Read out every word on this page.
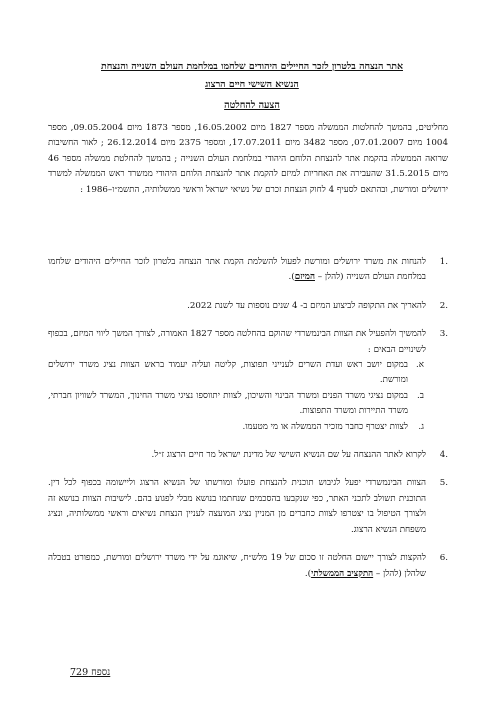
אתר הנצחה בלטרון לזכר החיילים היהודים שלחמו במלחמת העולם השנייה והנצחת
הנשיא השישי חיים הרצוג
הצעה להחלטה
מחליטים, בהמשך להחלטות הממשלה מספר 1827 מיום 16.05.2002, מספר 1873 מיום 09.05.2004, מספר 1004 מיום 07.01.2007, מספר 3482 מיום 17.07.2011, ומספר 2375 מיום 26.12.2014 ; לאור החשיבות שרואה הממשלה בהקמת אתר להנצחת הלוחם היהודי במלחמת העולם השנייה ; בהמשך להחלטת ממשלה מספר 46 מיום 31.5.2015 שהעבירה את האחריות למיזם להקמת אתר להנצחת הלוחם היהודי ממשרד ראש הממשלה למשרד ירושלים ומורשת, ובהתאם לסעיף 4 לחוק הנצחת זכרם של נשיאי ישראל וראשי ממשלותיה, התשמ״ו–1986 :
1.
להנחות את משרד ירושלים ומורשת לפעול להשלמת הקמת אתר הנצחה בלטרון לזכר החיילים היהודים שלחמו במלחמת העולם השנייה (להלן – המיזם).
2.
להאריך את התקופה לביצוע המיזם ב- 4 שנים נוספות עד לשנת 2022.
3.
להמשיך ולהפעיל את הצוות הבינמשרדי שהוקם בהחלטה מספר 1827 האמורה, לצורך המשך ליווי המיזם, בכפוף לשינויים הבאים :
א.
במקום יושב ראש ועדת השרים לענייני תפוצות, קליטה ועליה יעמוד בראש הצוות נציג משרד ירושלים ומורשת.
ב.
במקום נציגי משרד הפנים ומשרד הבינוי והשיכון, לצוות יתווספו נציגי משרד החינוך, המשרד לשוויון חברתי, משרד התיירות ומשרד התפוצות.
ג.
לצוות יצטרף כחבר מזכיר הממשלה או מי מטעמו.
4.
לקרוא לאתר ההנצחה על שם הנשיא השישי של מדינת ישראל מר חיים הרצוג ז״ל.
5.
הצוות הבינמשרדי יפעל לגיבוש תוכנית להנצחת פועלו ומורשתו של הנשיא הרצוג וליישומה בכפוף לכל דין. התוכנית תשולב לתכני האתר, כפי שנקבעו בהסכמים שנחתמו בנושא מבלי לפגוע בהם. לישיבות הצוות בנושא זה ולצורך הטיפול בו יצטרפו לצוות כחברים מן המניין נציג המועצה לעניין הנצחת נשיאים וראשי ממשלותיה, ונציג משפחת הנשיא הרצוג.
6.
להקצות לצורך יישום החלטה זו סכום של 19 מלש״ח, שיאוגמ על ידי משרד ירושלים ומורשת, כמפורט בטבלה שלהלן (להלן – התקציב הממשלתי).
נספח 729
